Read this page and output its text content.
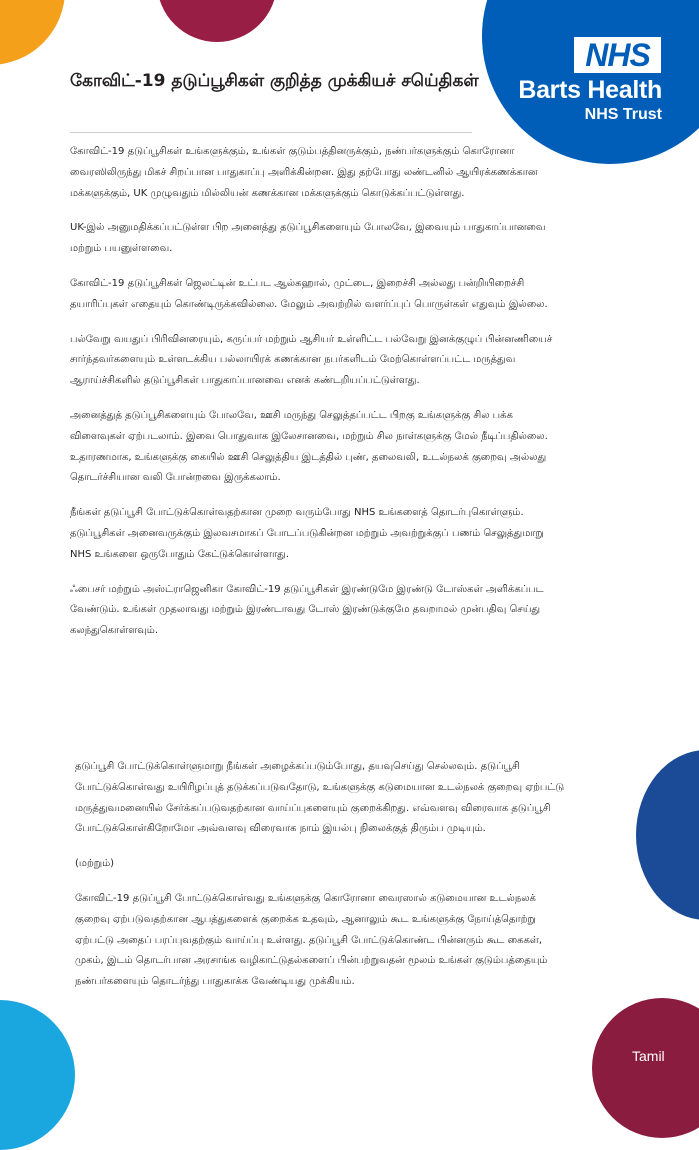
NHS
Barts Health
NHS Trust
கோவிட்-19 தடுப்பூசிகள் குறித்த முக்கியச் சயெ்திகள்

கோவிட்-19 தடுப்பூசிகள் உங்களுக்கும், உங்கள் குடும்பத்தினருக்கும், நண்பர்களுக்கும் கொரோனா வைரஸிலிருந்து மிகச் சிறப்பான பாதுகாப்பு அளிக்கின்றன. இது தற்போது லண்டனில் ஆயிரக்கணக்கான மக்களுக்கும், UK முழுவதும் மில்லியன் கணக்கான மக்களுக்கும் கொடுக்கப்பட்டுள்ளது.

UK-இல் அனுமதிக்கப்பட்டுள்ள பிற அனைத்து தடுப்பூசிகளையும் போலவே, இவையும் பாதுகாப்பானவை மற்றும் பயனுள்ளவை.

கோவிட்-19 தடுப்பூசிகள் ஜெலட்டின் உட்பட ஆல்கஹால், முட்டை, இறைச்சி அல்லது பன்றியிறைச்சி தயாரிப்புகள் எதையும் கொண்டிருக்கவில்லை. மேலும் அவற்றில் வளர்ப்புப் பொருள்கள் எதுவும் இல்லை.

பல்வேறு வயதுப் பிரிவினரையும், கருப்பர் மற்றும் ஆசியர் உள்ளிட்ட பல்வேறு இனக்குழுப் பின்னணியைச் சார்ந்தவர்களையும் உள்ளடக்கிய பல்லாயிரக் கணக்கான நபர்களிடம் மேற்கொள்ளப்பட்ட மருத்துவ ஆராய்ச்சிகளில் தடுப்பூசிகள் பாதுகாப்பானவை எனக் கண்டறியப்பட்டுள்ளது.

அனைத்துத் தடுப்பூசிகளையும் போலவே, ஊசி மருந்து செலுத்தப்பட்ட பிறகு உங்களுக்கு சில பக்க விளைவுகள் ஏற்படலாம். இவை பொதுவாக இலேசானவை, மற்றும் சில நாள்களுக்கு மேல் நீடிப்பதில்லை. உதாரணமாக, உங்களுக்கு கையில் ஊசி செலுத்திய இடத்தில் புண், தலைவலி, உடல்நலக் குறைவு அல்லது தொடர்ச்சியான வலி போன்றவை இருக்கலாம்.

நீங்கள் தடுப்பூசி போட்டுக்கொள்வதற்கான முறை வரும்போது NHS உங்களைத் தொடர்புகொள்ளும். தடுப்பூசிகள் அனைவருக்கும் இலவசமாகப் போடப்படுகின்றன மற்றும் அவற்றுக்குப் பணம் செலுத்துமாறு NHS உங்களை ஒருபோதும் கேட்டுக்கொள்ளாது.

ஃபைசர் மற்றும் அஸ்ட்ராஜெனிகா கோவிட்-19 தடுப்பூசிகள் இரண்டுமே இரண்டு டோஸ்கள் அளிக்கப்பட வேண்டும். உங்கள் முதலாவது மற்றும் இரண்டாவது டோஸ் இரண்டுக்குமே தவறாமல் முன்பதிவு செய்து கலந்துகொள்ளவும்.

தடுப்பூசி போட்டுக்கொள்ளுமாறு நீங்கள் அழைக்கப்படும்போது, தயவுசெய்து செல்லவும். தடுப்பூசி போட்டுக்கொள்வது உயிரிழப்புத் தடுக்கப்படுவதோடு, உங்களுக்கு கடுமையான உடல்நலக் குறைவு ஏற்பட்டு மருத்துவமனையில் சேர்க்கப்படுவதற்கான வாய்ப்புகளையும் குறைக்கிறது. எவ்வளவு விரைவாக தடுப்பூசி போட்டுக்கொள்கிறோமோ அவ்வளவு விரைவாக நாம் இயல்பு நிலைக்குத் திரும்ப முடியும்.

(மற்றும்)

கோவிட்-19 தடுப்பூசி போட்டுக்கொள்வது உங்களுக்கு கொரோனா வைரஸால் கடுமையான உடல்நலக் குறைவு ஏற்படுவதற்கான ஆபத்துகளைக் குறைக்க உதவும், ஆனாலும் கூட உங்களுக்கு நோய்த்தொற்று ஏற்பட்டு அதைப் பரப்புவதற்கும் வாய்ப்பு உள்ளது. தடுப்பூசி போட்டுக்கொண்ட பின்னரும் கூட கைகள், முகம், இடம் தொடர்பான அரசாங்க வழிகாட்டுதல்களைப் பின்பற்றுவதன் மூலம் உங்கள் குடும்பத்தையும் நண்பர்களையும் தொடர்ந்து பாதுகாக்க வேண்டியது முக்கியம்.

Tamil
